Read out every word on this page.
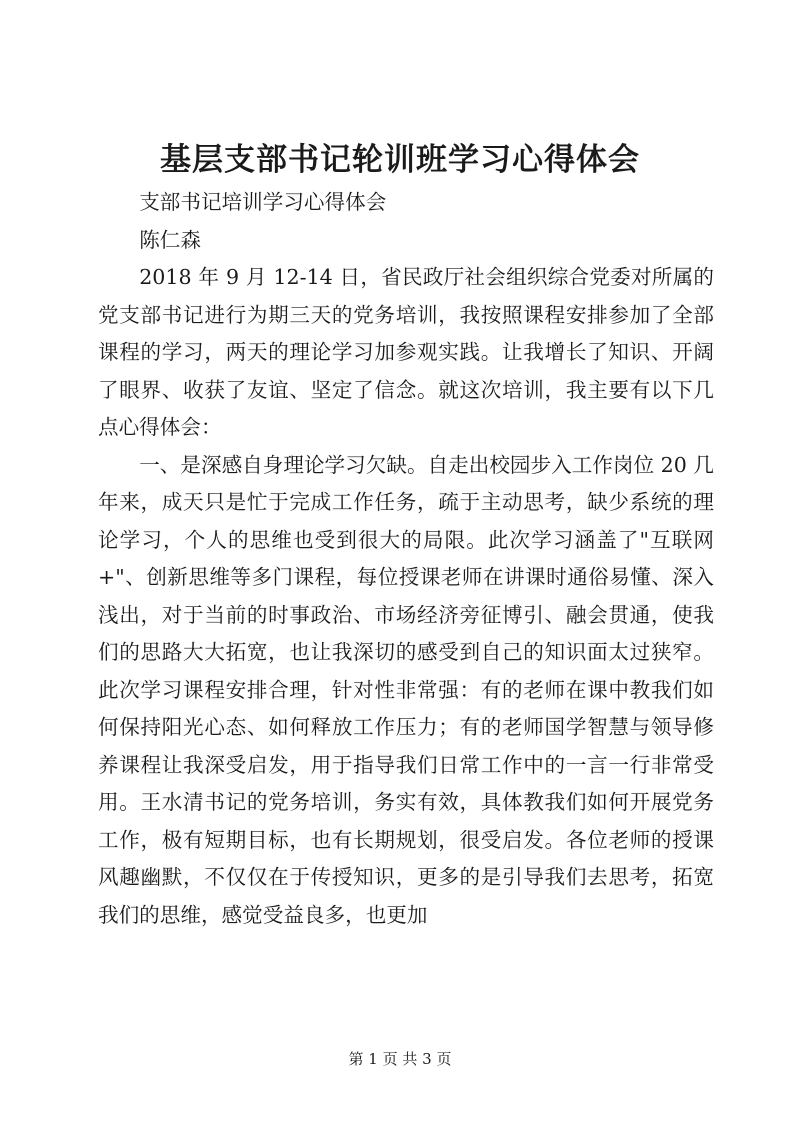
基层支部书记轮训班学习心得体会

支部书记培训学习心得体会

陈仁森

2018 年 9 月 12-14 日，省民政厅社会组织综合党委对所属的党支部书记进行为期三天的党务培训，我按照课程安排参加了全部课程的学习，两天的理论学习加参观实践。让我增长了知识、开阔了眼界、收获了友谊、坚定了信念。就这次培训，我主要有以下几点心得体会：

一、是深感自身理论学习欠缺。自走出校园步入工作岗位 20 几年来，成天只是忙于完成工作任务，疏于主动思考，缺少系统的理论学习，个人的思维也受到很大的局限。此次学习涵盖了"互联网+"、创新思维等多门课程，每位授课老师在讲课时通俗易懂、深入浅出，对于当前的时事政治、市场经济旁征博引、融会贯通，使我们的思路大大拓宽，也让我深切的感受到自己的知识面太过狭窄。此次学习课程安排合理，针对性非常强：有的老师在课中教我们如何保持阳光心态、如何释放工作压力；有的老师国学智慧与领导修养课程让我深受启发，用于指导我们日常工作中的一言一行非常受用。王水清书记的党务培训，务实有效，具体教我们如何开展党务工作，极有短期目标，也有长期规划，很受启发。各位老师的授课风趣幽默，不仅仅在于传授知识，更多的是引导我们去思考，拓宽我们的思维，感觉受益良多，也更加

第 1 页 共 3 页
